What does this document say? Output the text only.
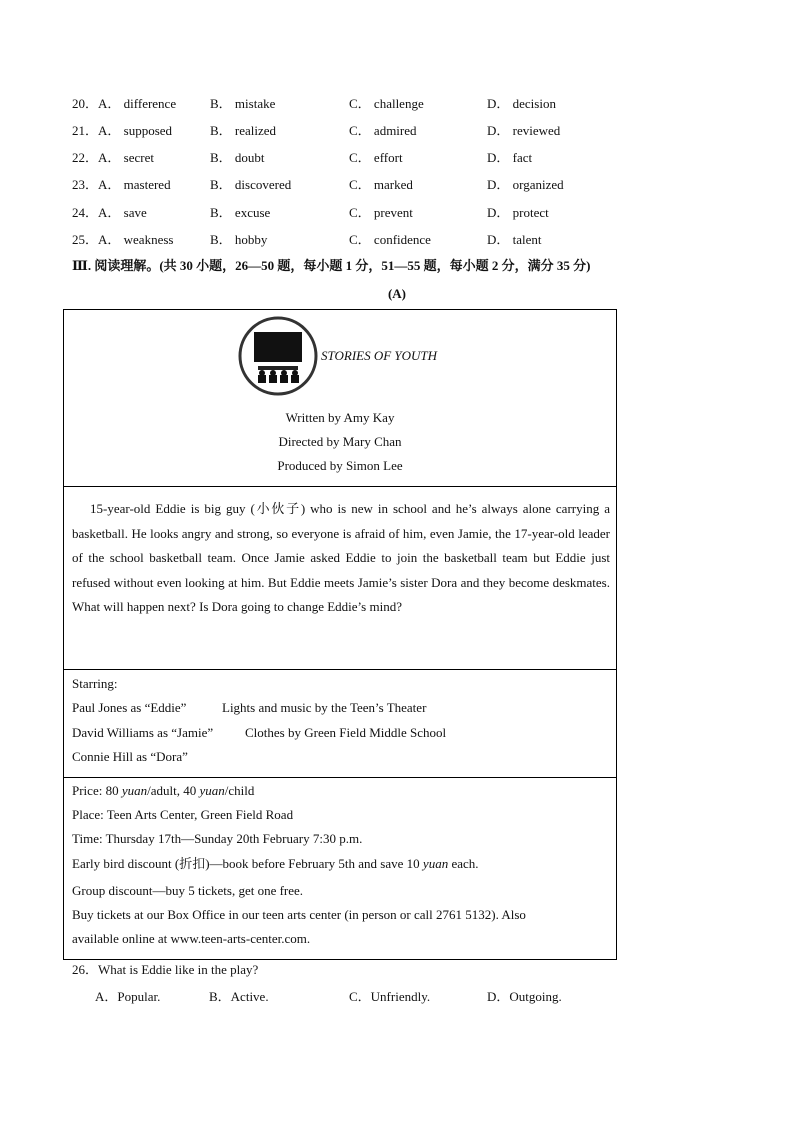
20．A． difference	B． mistake	C． challenge	D． decision
21．A． supposed	B． realized	C． admired	D． reviewed
22．A． secret	B． doubt	C． effort	D． fact
23．A． mastered	B． discovered	C． marked	D． organized
24．A． save	B． excuse	C． prevent	D． protect
25．A． weakness	B． hobby	C． confidence	D． talent
Ⅲ. 阅读理解。(共 30 小题，26—50 题，每小题 1 分，51—55 题，每小题 2 分，满分 35 分)
(A)
STORIES OF YOUTH
Written by Amy Kay
Directed by Mary Chan
Produced by Simon Lee
15-year-old Eddie is big guy (小伙子) who is new in school and he’s always alone carrying a basketball. He looks angry and strong, so everyone is afraid of him, even Jamie, the 17-year-old leader of the school basketball team. Once Jamie asked Eddie to join the basketball team but Eddie just refused without even looking at him. But Eddie meets Jamie’s sister Dora and they become deskmates. What will happen next? Is Dora going to change Eddie’s mind?
Starring:
Paul Jones as “Eddie”	Lights and music by the Teen’s Theater
David Williams as “Jamie” Clothes by Green Field Middle School
Connie Hill as “Dora”
Price: 80 yuan/adult, 40 yuan/child
Place: Teen Arts Center, Green Field Road
Time: Thursday 17th—Sunday 20th February 7:30 p.m.
Early bird discount (折扣)—book before February 5th and save 10 yuan each.
Group discount—buy 5 tickets, get one free.
Buy tickets at our Box Office in our teen arts center (in person or call 2761 5132). Also
available online at www.teen-arts-center.com.
26．What is Eddie like in the play?
A．Popular.	B．Active.	C．Unfriendly.	D．Outgoing.
